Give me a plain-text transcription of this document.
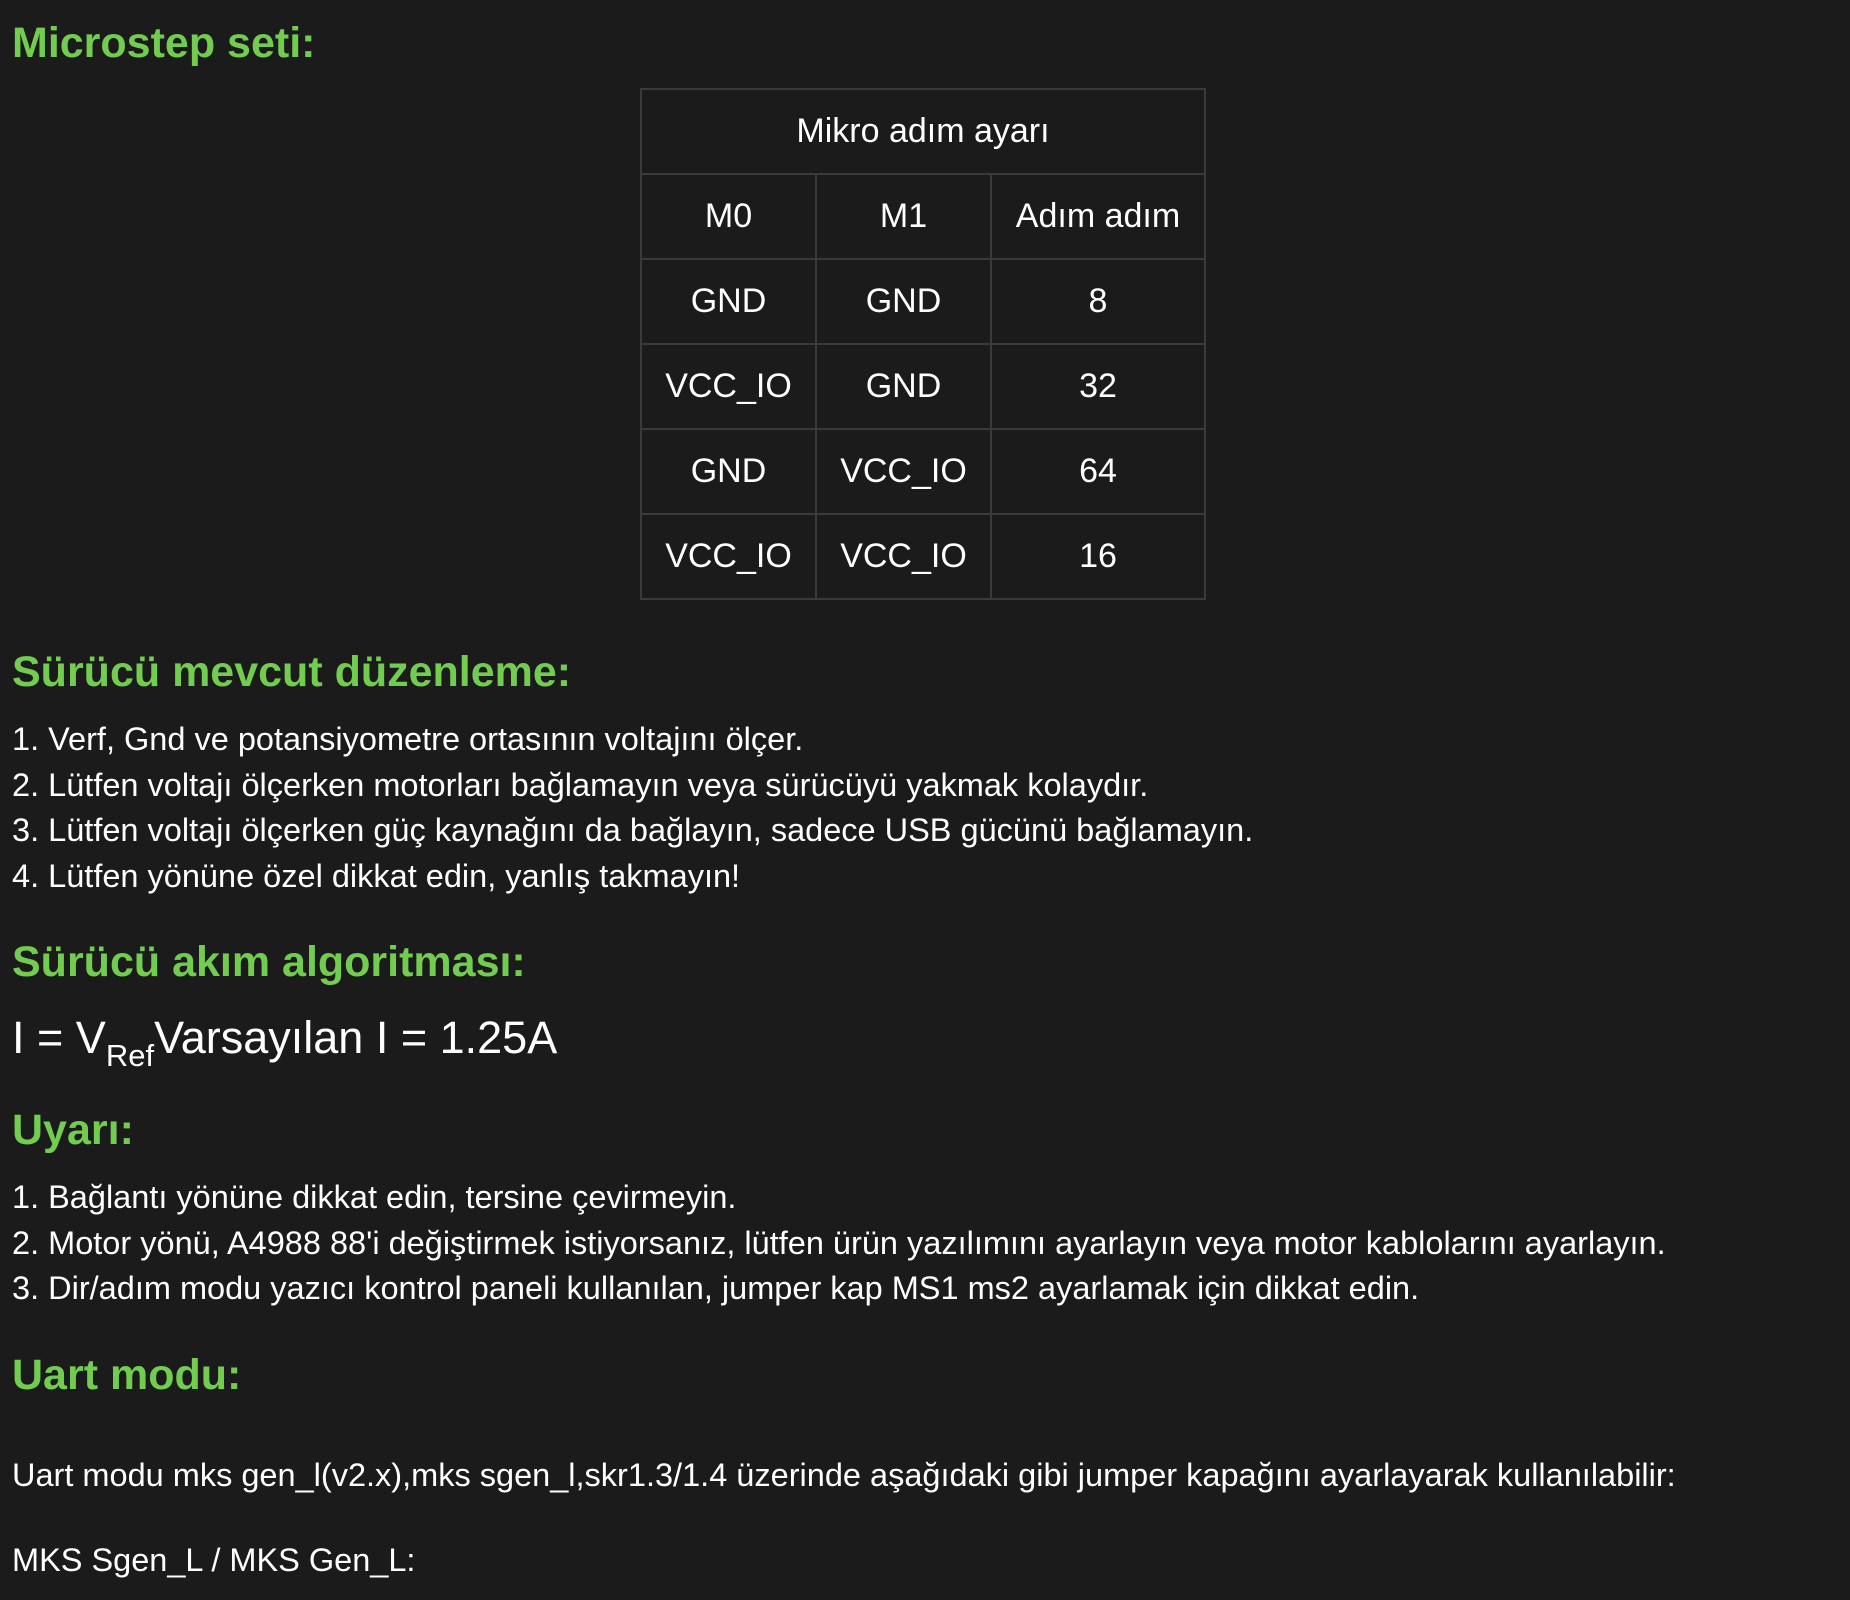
Microstep seti:
Mikro adım ayarı		
M0	M1	Adım adım
GND	GND	8
VCC_IO	GND	32
GND	VCC_IO	64
VCC_IO	VCC_IO	16
Sürücü mevcut düzenleme:
1. Verf, Gnd ve potansiyometre ortasının voltajını ölçer.
2. Lütfen voltajı ölçerken motorları bağlamayın veya sürücüyü yakmak kolaydır.
3. Lütfen voltajı ölçerken güç kaynağını da bağlayın, sadece USB gücünü bağlamayın.
4. Lütfen yönüne özel dikkat edin, yanlış takmayın!
Sürücü akım algoritması:
$I = V_{Ref}Varsayılan$ I = 1.25A
Uyarı:
1. Bağlantı yönüne dikkat edin, tersine çevirmeyin.
2. Motor yönü, A4988 88'i değiştirmek istiyorsanız, lütfen ürün yazılımını ayarlayın veya motor kablolarını ayarlayın.
3. Dir/adım modu yazıcı kontrol paneli kullanılan, jumper kap MS1 ms2 ayarlamak için dikkat edin.
Uart modu:

Uart modu mks gen_l(v2.x),mks sgen_l,skr1.3/1.4 üzerinde aşağıdaki gibi jumper kapağını ayarlayarak kullanılabilir:

MKS Sgen_L / MKS Gen_L:
